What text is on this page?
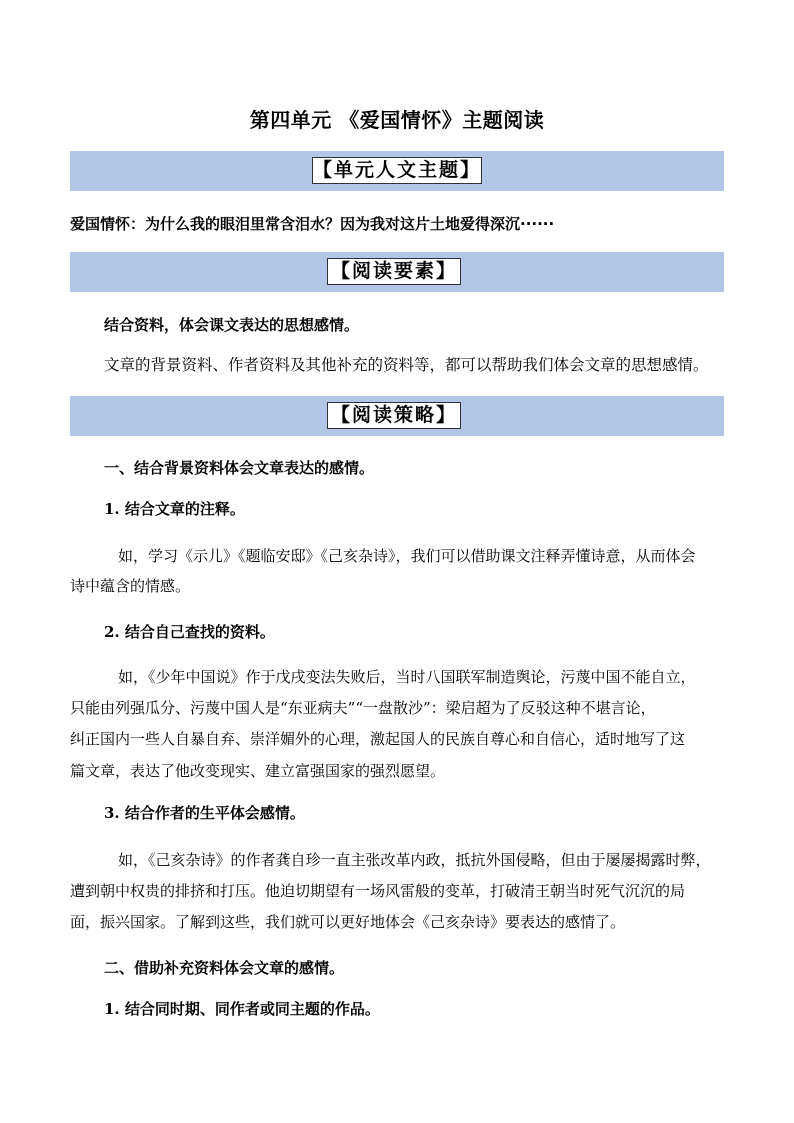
第四单元 《爱国情怀》主题阅读
【单元人文主题】
爱国情怀：为什么我的眼泪里常含泪水？因为我对这片土地爱得深沉······
【阅读要素】
结合资料，体会课文表达的思想感情。
文章的背景资料、作者资料及其他补充的资料等，都可以帮助我们体会文章的思想感情。
【阅读策略】
一、结合背景资料体会文章表达的感情。
1. 结合文章的注释。
如，学习《示儿》《题临安邸》《己亥杂诗》，我们可以借助课文注释弄懂诗意，从而体会
诗中蕴含的情感。
2. 结合自己查找的资料。
如，《少年中国说》作于戊戌变法失败后，当时八国联军制造舆论，污蔑中国不能自立，
只能由列强瓜分、污蔑中国人是“东亚病夫”“一盘散沙”：梁启超为了反驳这种不堪言论，
纠正国内一些人自暴自弃、崇洋媚外的心理，激起国人的民族自尊心和自信心，适时地写了这
篇文章，表达了他改变现实、建立富强国家的强烈愿望。
3. 结合作者的生平体会感情。
如，《己亥杂诗》的作者龚自珍一直主张改革内政，抵抗外国侵略，但由于屡屡揭露时弊，
遭到朝中权贵的排挤和打压。他迫切期望有一场风雷般的变革，打破清王朝当时死气沉沉的局
面，振兴国家。了解到这些，我们就可以更好地体会《己亥杂诗》要表达的感情了。
二、借助补充资料体会文章的感情。
1. 结合同时期、同作者或同主题的作品。
